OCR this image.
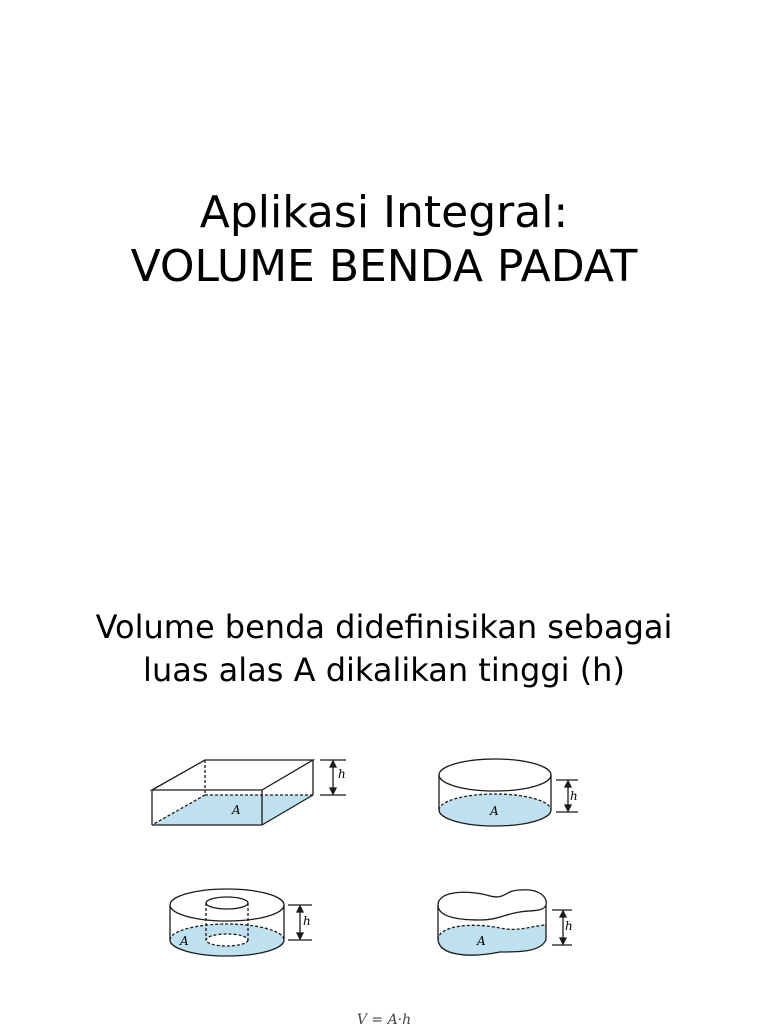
Aplikasi Integral:
VOLUME BENDA PADAT
Volume benda didefinisikan sebagai
luas alas A dikalikan tinggi (h)
A
h
A
h
A
h
A
h
V = A·h
